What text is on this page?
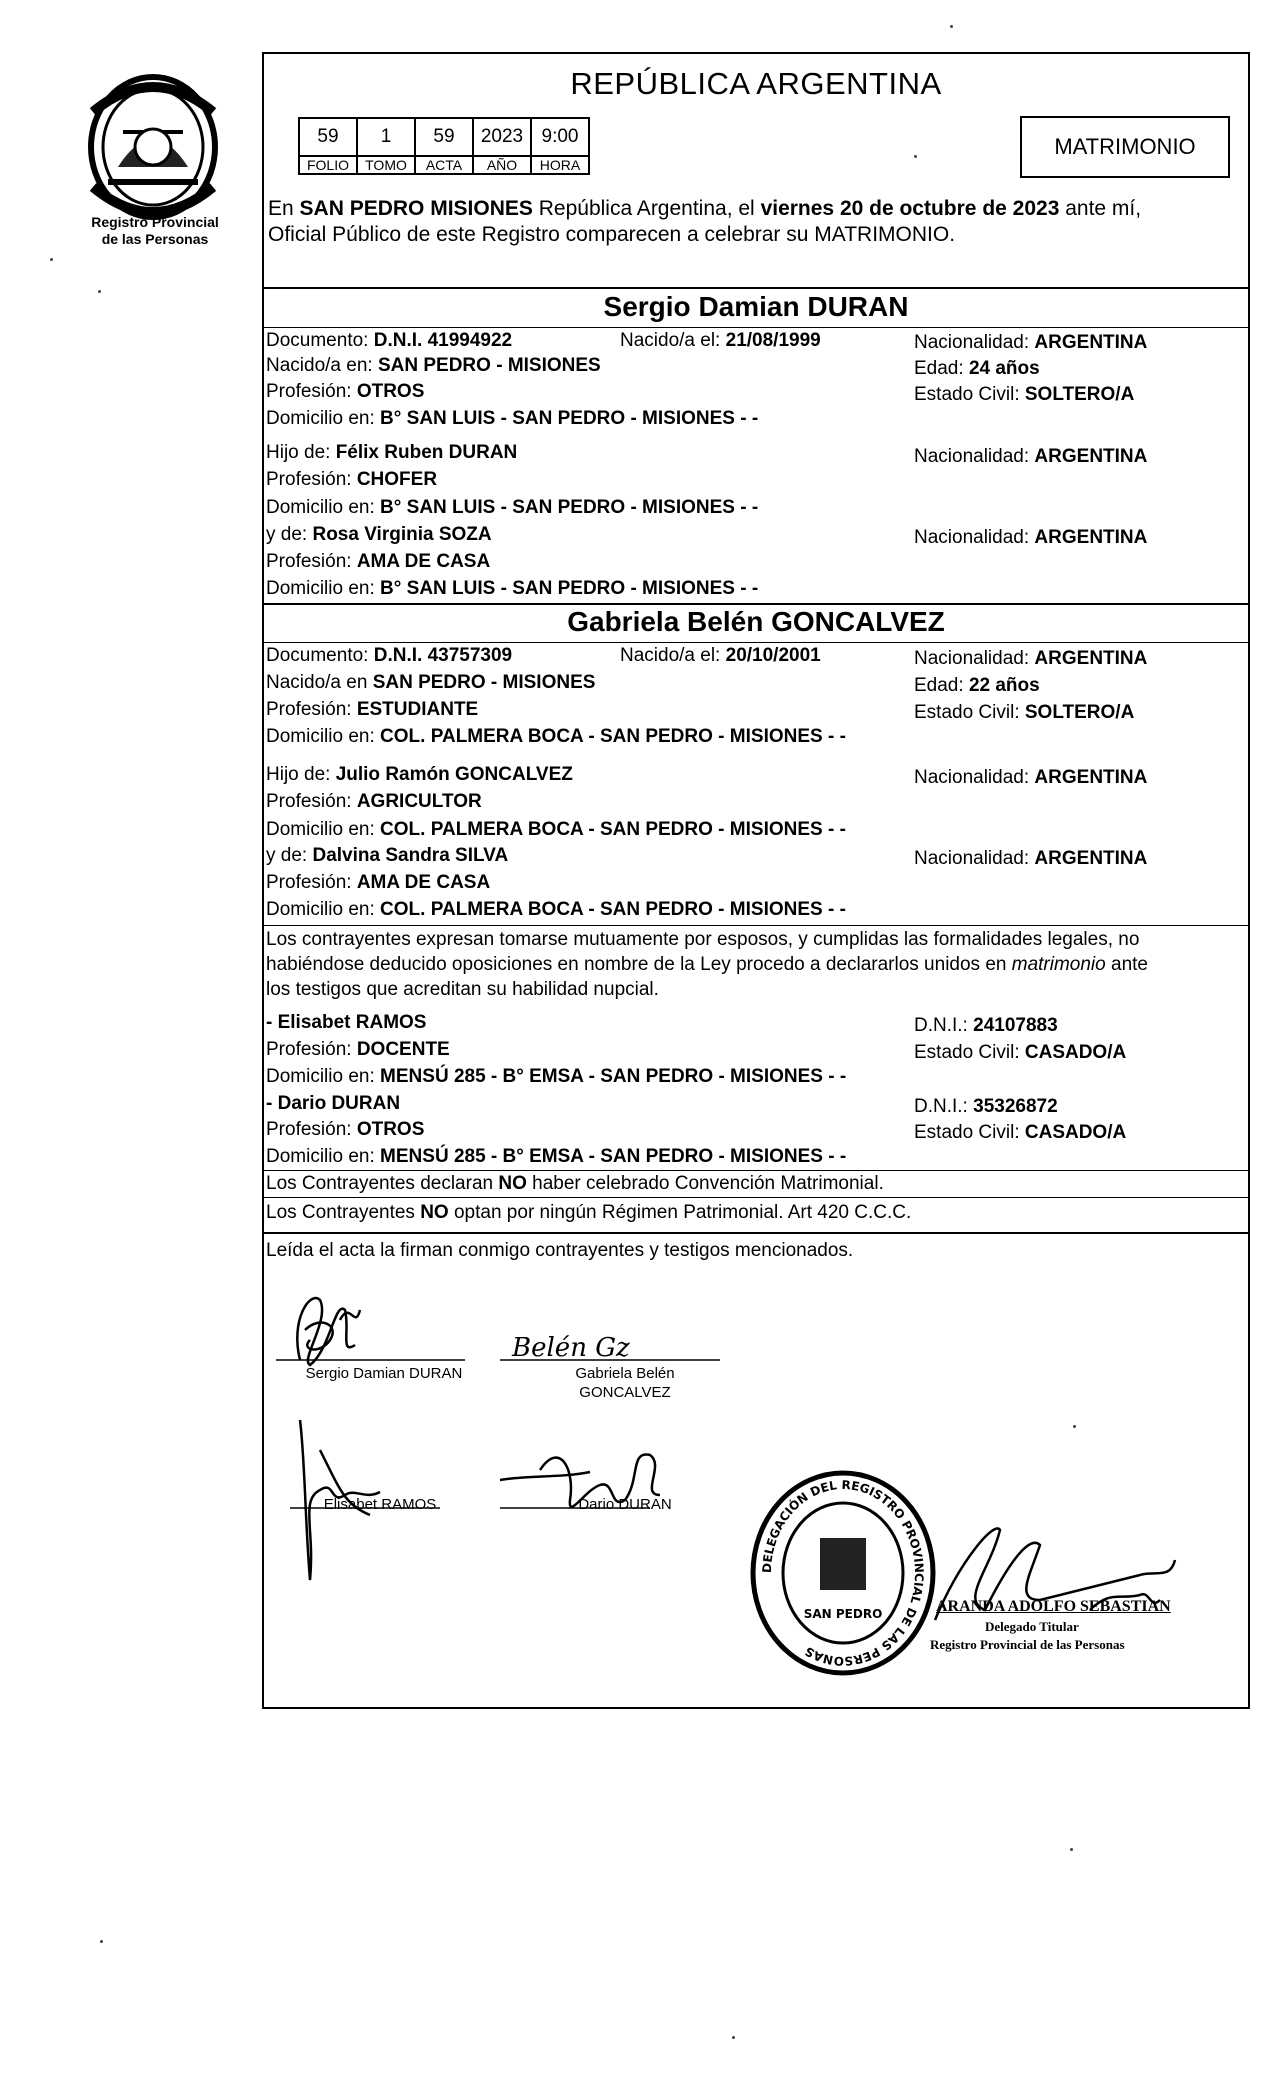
Registro Provincial
de las Personas
REPÚBLICA ARGENTINA
59	1	59	2023	9:00
FOLIO	TOMO	ACTA	AÑO	HORA
MATRIMONIO
En SAN PEDRO MISIONES República Argentina, el viernes 20 de octubre de 2023 ante mí,
Oficial Público de este Registro comparecen a celebrar su MATRIMONIO.
Sergio Damian DURAN
Documento: D.N.I. 41994922	Nacido/a el: 21/08/1999	Nacionalidad: ARGENTINA
Nacido/a en: SAN PEDRO - MISIONES	Edad: 24 años
Profesión: OTROS	Estado Civil: SOLTERO/A
Domicilio en: B° SAN LUIS - SAN PEDRO - MISIONES - -
Hijo de: Félix Ruben DURAN	Nacionalidad: ARGENTINA
Profesión: CHOFER
Domicilio en: B° SAN LUIS - SAN PEDRO - MISIONES - -
y de: Rosa Virginia SOZA	Nacionalidad: ARGENTINA
Profesión: AMA DE CASA
Domicilio en: B° SAN LUIS - SAN PEDRO - MISIONES - -
Gabriela Belén GONCALVEZ
Documento: D.N.I. 43757309	Nacido/a el: 20/10/2001	Nacionalidad: ARGENTINA
Nacido/a en SAN PEDRO - MISIONES	Edad: 22 años
Profesión: ESTUDIANTE	Estado Civil: SOLTERO/A
Domicilio en: COL. PALMERA BOCA - SAN PEDRO - MISIONES - -
Hijo de: Julio Ramón GONCALVEZ	Nacionalidad: ARGENTINA
Profesión: AGRICULTOR
Domicilio en: COL. PALMERA BOCA - SAN PEDRO - MISIONES - -
y de: Dalvina Sandra SILVA	Nacionalidad: ARGENTINA
Profesión: AMA DE CASA
Domicilio en: COL. PALMERA BOCA - SAN PEDRO - MISIONES - -
Los contrayentes expresan tomarse mutuamente por esposos, y cumplidas las formalidades legales, no
habiéndose deducido oposiciones en nombre de la Ley procedo a declararlos unidos en matrimonio ante
los testigos que acreditan su habilidad nupcial.
- Elisabet RAMOS	D.N.I.: 24107883
Profesión: DOCENTE	Estado Civil: CASADO/A
Domicilio en: MENSÚ 285 - B° EMSA - SAN PEDRO - MISIONES - -
- Dario DURAN	D.N.I.: 35326872
Profesión: OTROS	Estado Civil: CASADO/A
Domicilio en: MENSÚ 285 - B° EMSA - SAN PEDRO - MISIONES - -
Los Contrayentes declaran NO haber celebrado Convención Matrimonial.
Los Contrayentes NO optan por ningún Régimen Patrimonial. Art 420 C.C.C.
Leída el acta la firman conmigo contrayentes y testigos mencionados.
Belén Gz
Sergio Damian DURAN	Gabriela Belén
GONCALVEZ
Elisabet RAMOS	Dario DURAN
DELEGACIÓN DEL REGISTRO PROVINCIAL DE LAS PERSONAS
SAN PEDRO	ARANDA ADOLFO SEBASTIAN
Delegado Titular
Registro Provincial de las Personas
